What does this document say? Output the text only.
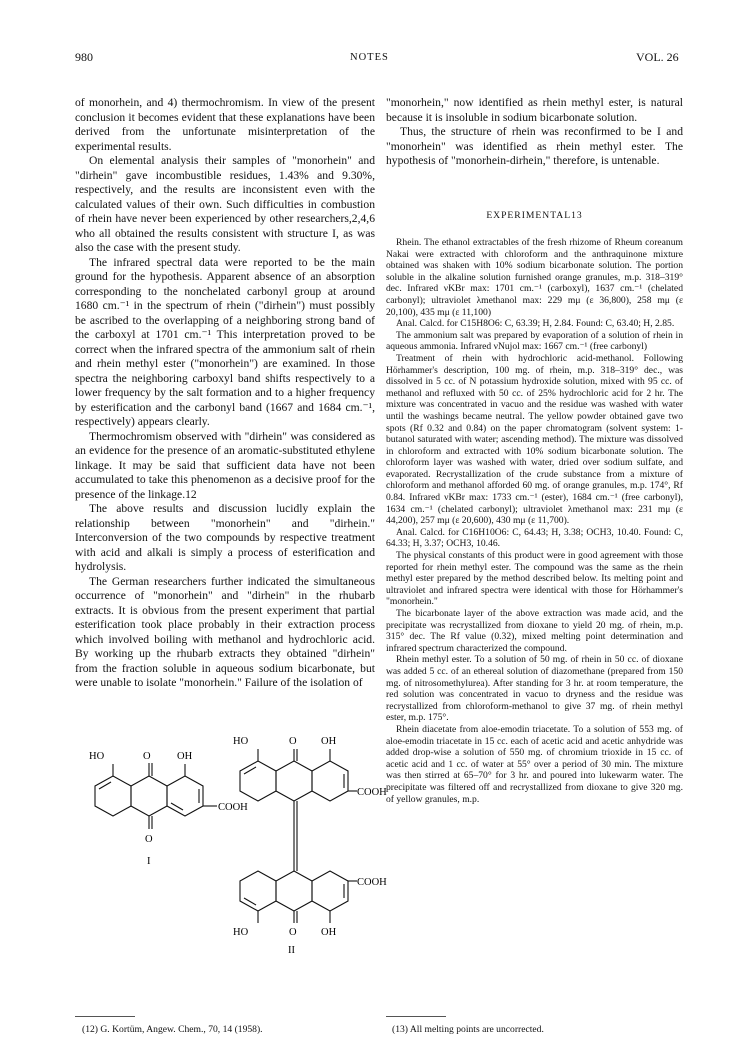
980	NOTES	VOL. 26

of monorhein, and 4) thermochromism. In view of the present conclusion it becomes evident that these explanations have been derived from the unfortunate misinterpretation of the experimental results.

On elemental analysis their samples of "monorhein" and "dirhein" gave incombustible residues, 1.43% and 9.30%, respectively, and the results are inconsistent even with the calculated values of their own. Such difficulties in combustion of rhein have never been experienced by other researchers,2,4,6 who all obtained the results consistent with structure I, as was also the case with the present study.

The infrared spectral data were reported to be the main ground for the hypothesis. Apparent absence of an absorption corresponding to the nonchelated carbonyl group at around 1680 cm.⁻¹ in the spectrum of rhein ("dirhein") must possibly be ascribed to the overlapping of a neighboring strong band of the carboxyl at 1701 cm.⁻¹ This interpretation proved to be correct when the infrared spectra of the ammonium salt of rhein and rhein methyl ester ("monorhein") are examined. In those spectra the neighboring carboxyl band shifts respectively to a lower frequency by the salt formation and to a higher frequency by esterification and the carbonyl band (1667 and 1684 cm.⁻¹, respectively) appears clearly.

Thermochromism observed with "dirhein" was considered as an evidence for the presence of an aromatic-substituted ethylene linkage. It may be said that sufficient data have not been accumulated to take this phenomenon as a decisive proof for the presence of the linkage.12

The above results and discussion lucidly explain the relationship between "monorhein" and "dirhein." Interconversion of the two compounds by respective treatment with acid and alkali is simply a process of esterification and hydrolysis.

The German researchers further indicated the simultaneous occurrence of "monorhein" and "dirhein" in the rhubarb extracts. It is obvious from the present experiment that partial esterification took place probably in their extraction process which involved boiling with methanol and hydrochloric acid. By working up the rhubarb extracts they obtained "dirhein" from the fraction soluble in aqueous sodium bicarbonate, but were unable to isolate "monorhein." Failure of the isolation of

"monorhein," now identified as rhein methyl ester, is natural because it is insoluble in sodium bicarbonate solution.

Thus, the structure of rhein was reconfirmed to be I and "monorhein" was identified as rhein methyl ester. The hypothesis of "monorhein-dirhein," therefore, is untenable.

EXPERIMENTAL13

Rhein. The ethanol extractables of the fresh rhizome of Rheum coreanum Nakai were extracted with chloroform and the anthraquinone mixture obtained was shaken with 10% sodium bicarbonate solution. The portion soluble in the alkaline solution furnished orange granules, m.p. 318–319° dec. Infrared νKBr max: 1701 cm.⁻¹ (carboxyl), 1637 cm.⁻¹ (chelated carbonyl); ultraviolet λmethanol max: 229 mμ (ε 36,800), 258 mμ (ε 20,100), 435 mμ (ε 11,100)

Anal. Calcd. for C15H8O6: C, 63.39; H, 2.84. Found: C, 63.40; H, 2.85.

The ammonium salt was prepared by evaporation of a solution of rhein in aqueous ammonia. Infrared νNujol max: 1667 cm.⁻¹ (free carbonyl)

Treatment of rhein with hydrochloric acid-methanol. Following Hörhammer's description, 100 mg. of rhein, m.p. 318–319° dec., was dissolved in 5 cc. of N potassium hydroxide solution, mixed with 95 cc. of methanol and refluxed with 50 cc. of 25% hydrochloric acid for 2 hr. The mixture was concentrated in vacuo and the residue was washed with water until the washings became neutral. The yellow powder obtained gave two spots (Rf 0.32 and 0.84) on the paper chromatogram (solvent system: 1-butanol saturated with water; ascending method). The mixture was dissolved in chloroform and extracted with 10% sodium bicarbonate solution. The chloroform layer was washed with water, dried over sodium sulfate, and evaporated. Recrystallization of the crude substance from a mixture of chloroform and methanol afforded 60 mg. of orange granules, m.p. 174°, Rf 0.84. Infrared νKBr max: 1733 cm.⁻¹ (ester), 1684 cm.⁻¹ (free carbonyl), 1634 cm.⁻¹ (chelated carbonyl); ultraviolet λmethanol max: 231 mμ (ε 44,200), 257 mμ (ε 20,600), 430 mμ (ε 11,700).

Anal. Calcd. for C16H10O6: C, 64.43; H, 3.38; OCH3, 10.40. Found: C, 64.33; H, 3.37; OCH3, 10.46.

The physical constants of this product were in good agreement with those reported for rhein methyl ester. The compound was the same as the rhein methyl ester prepared by the method described below. Its melting point and ultraviolet and infrared spectra were identical with those for Hörhammer's "monorhein."

The bicarbonate layer of the above extraction was made acid, and the precipitate was recrystallized from dioxane to yield 20 mg. of rhein, m.p. 315° dec. The Rf value (0.32), mixed melting point determination and infrared spectrum characterized the compound.

Rhein methyl ester. To a solution of 50 mg. of rhein in 50 cc. of dioxane was added 5 cc. of an ethereal solution of diazomethane (prepared from 150 mg. of nitrosomethylurea). After standing for 3 hr. at room temperature, the red solution was concentrated in vacuo to dryness and the residue was recrystallized from chloroform-methanol to give 37 mg. of rhein methyl ester, m.p. 175°.

Rhein diacetate from aloe-emodin triacetate. To a solution of 553 mg. of aloe-emodin triacetate in 15 cc. each of acetic acid and acetic anhydride was added drop-wise a solution of 550 mg. of chromium trioxide in 15 cc. of acetic acid and 1 cc. of water at 55° over a period of 30 min. The mixture was then stirred at 65–70° for 3 hr. and poured into lukewarm water. The precipitate was filtered off and recrystallized from dioxane to give 320 mg. of yellow granules, m.p.

HO	O	OH
COOH
O
I
HO	O OH
COOH
COOH
HO	O OH
II
(12) G. Kortüm, Angew. Chem., 70, 14 (1958).	(13) All melting points are uncorrected.
